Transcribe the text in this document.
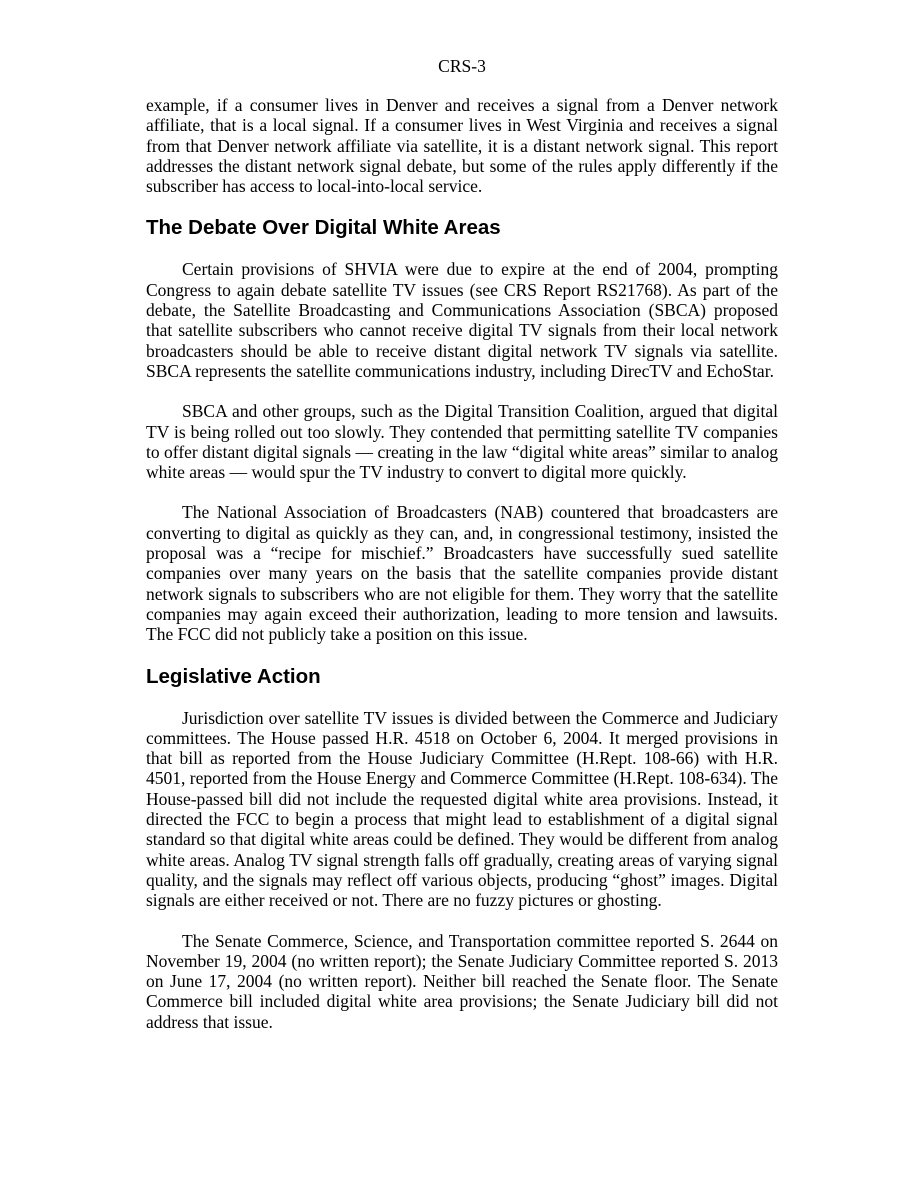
CRS-3

example, if a consumer lives in Denver and receives a signal from a Denver network affiliate, that is a local signal. If a consumer lives in West Virginia and receives a signal from that Denver network affiliate via satellite, it is a distant network signal. This report addresses the distant network signal debate, but some of the rules apply differently if the subscriber has access to local-into-local service.

The Debate Over Digital White Areas

Certain provisions of SHVIA were due to expire at the end of 2004, prompting Congress to again debate satellite TV issues (see CRS Report RS21768). As part of the debate, the Satellite Broadcasting and Communications Association (SBCA) proposed that satellite subscribers who cannot receive digital TV signals from their local network broadcasters should be able to receive distant digital network TV signals via satellite. SBCA represents the satellite communications industry, including DirecTV and EchoStar.

SBCA and other groups, such as the Digital Transition Coalition, argued that digital TV is being rolled out too slowly. They contended that permitting satellite TV companies to offer distant digital signals — creating in the law “digital white areas” similar to analog white areas — would spur the TV industry to convert to digital more quickly.

The National Association of Broadcasters (NAB) countered that broadcasters are converting to digital as quickly as they can, and, in congressional testimony, insisted the proposal was a “recipe for mischief.” Broadcasters have successfully sued satellite companies over many years on the basis that the satellite companies provide distant network signals to subscribers who are not eligible for them. They worry that the satellite companies may again exceed their authorization, leading to more tension and lawsuits. The FCC did not publicly take a position on this issue.

Legislative Action

Jurisdiction over satellite TV issues is divided between the Commerce and Judiciary committees. The House passed H.R. 4518 on October 6, 2004. It merged provisions in that bill as reported from the House Judiciary Committee (H.Rept. 108-66) with H.R. 4501, reported from the House Energy and Commerce Committee (H.Rept. 108-634). The House-passed bill did not include the requested digital white area provisions. Instead, it directed the FCC to begin a process that might lead to establishment of a digital signal standard so that digital white areas could be defined. They would be different from analog white areas. Analog TV signal strength falls off gradually, creating areas of varying signal quality, and the signals may reflect off various objects, producing “ghost” images. Digital signals are either received or not. There are no fuzzy pictures or ghosting.

The Senate Commerce, Science, and Transportation committee reported S. 2644 on November 19, 2004 (no written report); the Senate Judiciary Committee reported S. 2013 on June 17, 2004 (no written report). Neither bill reached the Senate floor. The Senate Commerce bill included digital white area provisions; the Senate Judiciary bill did not address that issue.
